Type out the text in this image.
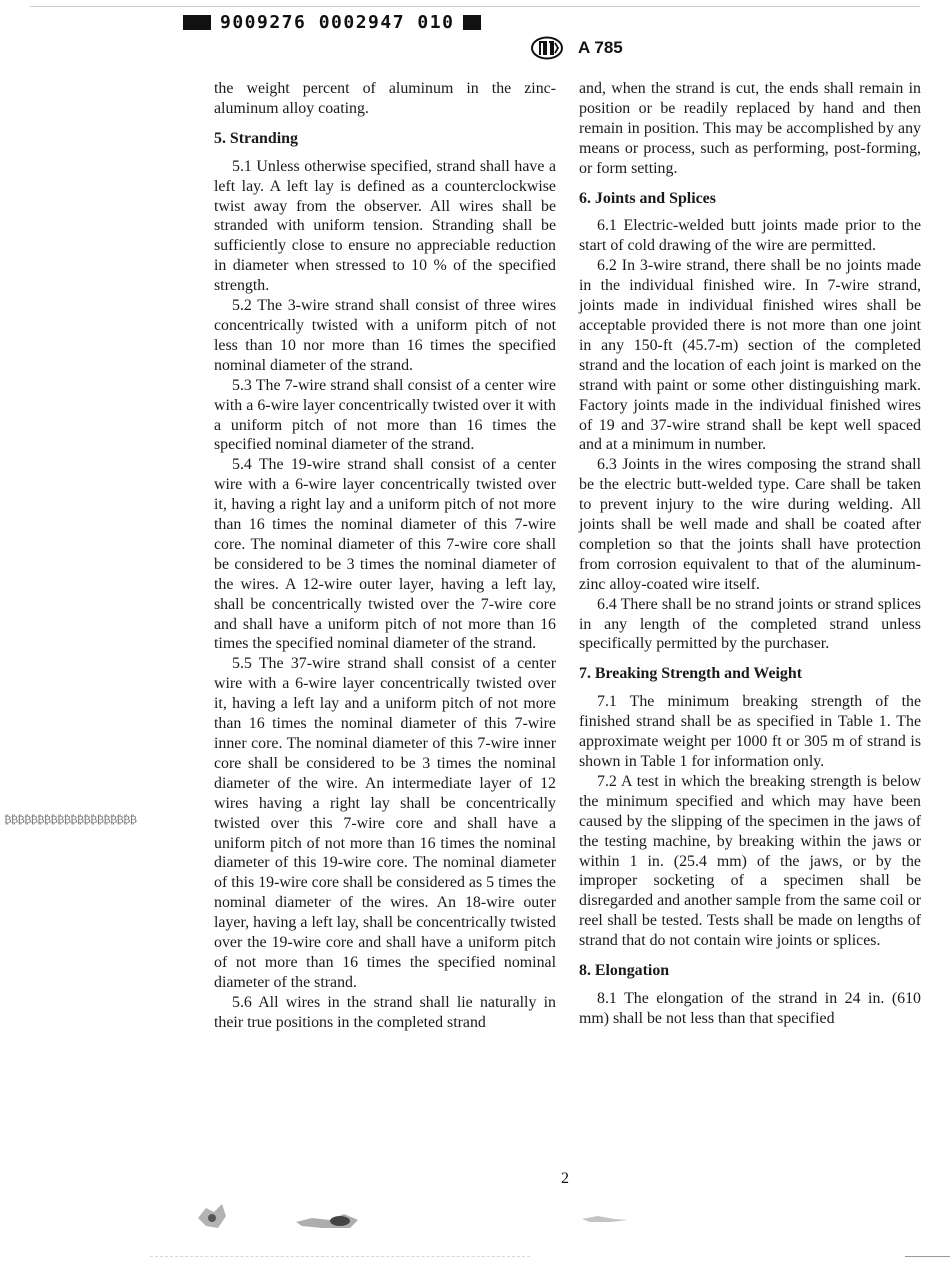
9009276 0002947 010
A 785

the weight percent of aluminum in the zinc-aluminum alloy coating.

5. Stranding

5.1 Unless otherwise specified, strand shall have a left lay. A left lay is defined as a counterclockwise twist away from the observer. All wires shall be stranded with uniform tension. Stranding shall be sufficiently close to ensure no appreciable reduction in diameter when stressed to 10 % of the specified strength.

5.2 The 3-wire strand shall consist of three wires concentrically twisted with a uniform pitch of not less than 10 nor more than 16 times the specified nominal diameter of the strand.

5.3 The 7-wire strand shall consist of a center wire with a 6-wire layer concentrically twisted over it with a uniform pitch of not more than 16 times the specified nominal diameter of the strand.

5.4 The 19-wire strand shall consist of a center wire with a 6-wire layer concentrically twisted over it, having a right lay and a uniform pitch of not more than 16 times the nominal diameter of this 7-wire core. The nominal diameter of this 7-wire core shall be considered to be 3 times the nominal diameter of the wires. A 12-wire outer layer, having a left lay, shall be concentrically twisted over the 7-wire core and shall have a uniform pitch of not more than 16 times the specified nominal diameter of the strand.

5.5 The 37-wire strand shall consist of a center wire with a 6-wire layer concentrically twisted over it, having a left lay and a uniform pitch of not more than 16 times the nominal diameter of this 7-wire inner core. The nominal diameter of this 7-wire inner core shall be considered to be 3 times the nominal diameter of the wire. An intermediate layer of 12 wires having a right lay shall be concentrically twisted over this 7-wire core and shall have a uniform pitch of not more than 16 times the nominal diameter of this 19-wire core. The nominal diameter of this 19-wire core shall be considered as 5 times the nominal diameter of the wires. An 18-wire outer layer, having a left lay, shall be concentrically twisted over the 19-wire core and shall have a uniform pitch of not more than 16 times the specified nominal diameter of the strand.

5.6 All wires in the strand shall lie naturally in their true positions in the completed strand

and, when the strand is cut, the ends shall remain in position or be readily replaced by hand and then remain in position. This may be accomplished by any means or process, such as performing, post-forming, or form setting.

6. Joints and Splices

6.1 Electric-welded butt joints made prior to the start of cold drawing of the wire are permitted.

6.2 In 3-wire strand, there shall be no joints made in the individual finished wire. In 7-wire strand, joints made in individual finished wires shall be acceptable provided there is not more than one joint in any 150-ft (45.7-m) section of the completed strand and the location of each joint is marked on the strand with paint or some other distinguishing mark. Factory joints made in the individual finished wires of 19 and 37-wire strand shall be kept well spaced and at a minimum in number.

6.3 Joints in the wires composing the strand shall be the electric butt-welded type. Care shall be taken to prevent injury to the wire during welding. All joints shall be well made and shall be coated after completion so that the joints shall have protection from corrosion equivalent to that of the aluminum-zinc alloy-coated wire itself.

6.4 There shall be no strand joints or strand splices in any length of the completed strand unless specifically permitted by the purchaser.

7. Breaking Strength and Weight

7.1 The minimum breaking strength of the finished strand shall be as specified in Table 1. The approximate weight per 1000 ft or 305 m of strand is shown in Table 1 for information only.

7.2 A test in which the breaking strength is below the minimum specified and which may have been caused by the slipping of the specimen in the jaws of the testing machine, by breaking within the jaws or within 1 in. (25.4 mm) of the jaws, or by the improper socketing of a specimen shall be disregarded and another sample from the same coil or reel shall be tested. Tests shall be made on lengths of strand that do not contain wire joints or splices.

8. Elongation

8.1 The elongation of the strand in 24 in. (610 mm) shall be not less than that specified

₿₿₿₿₿₿₿₿₿₿₿₿₿₿₿₿₿₿₿₿
2
